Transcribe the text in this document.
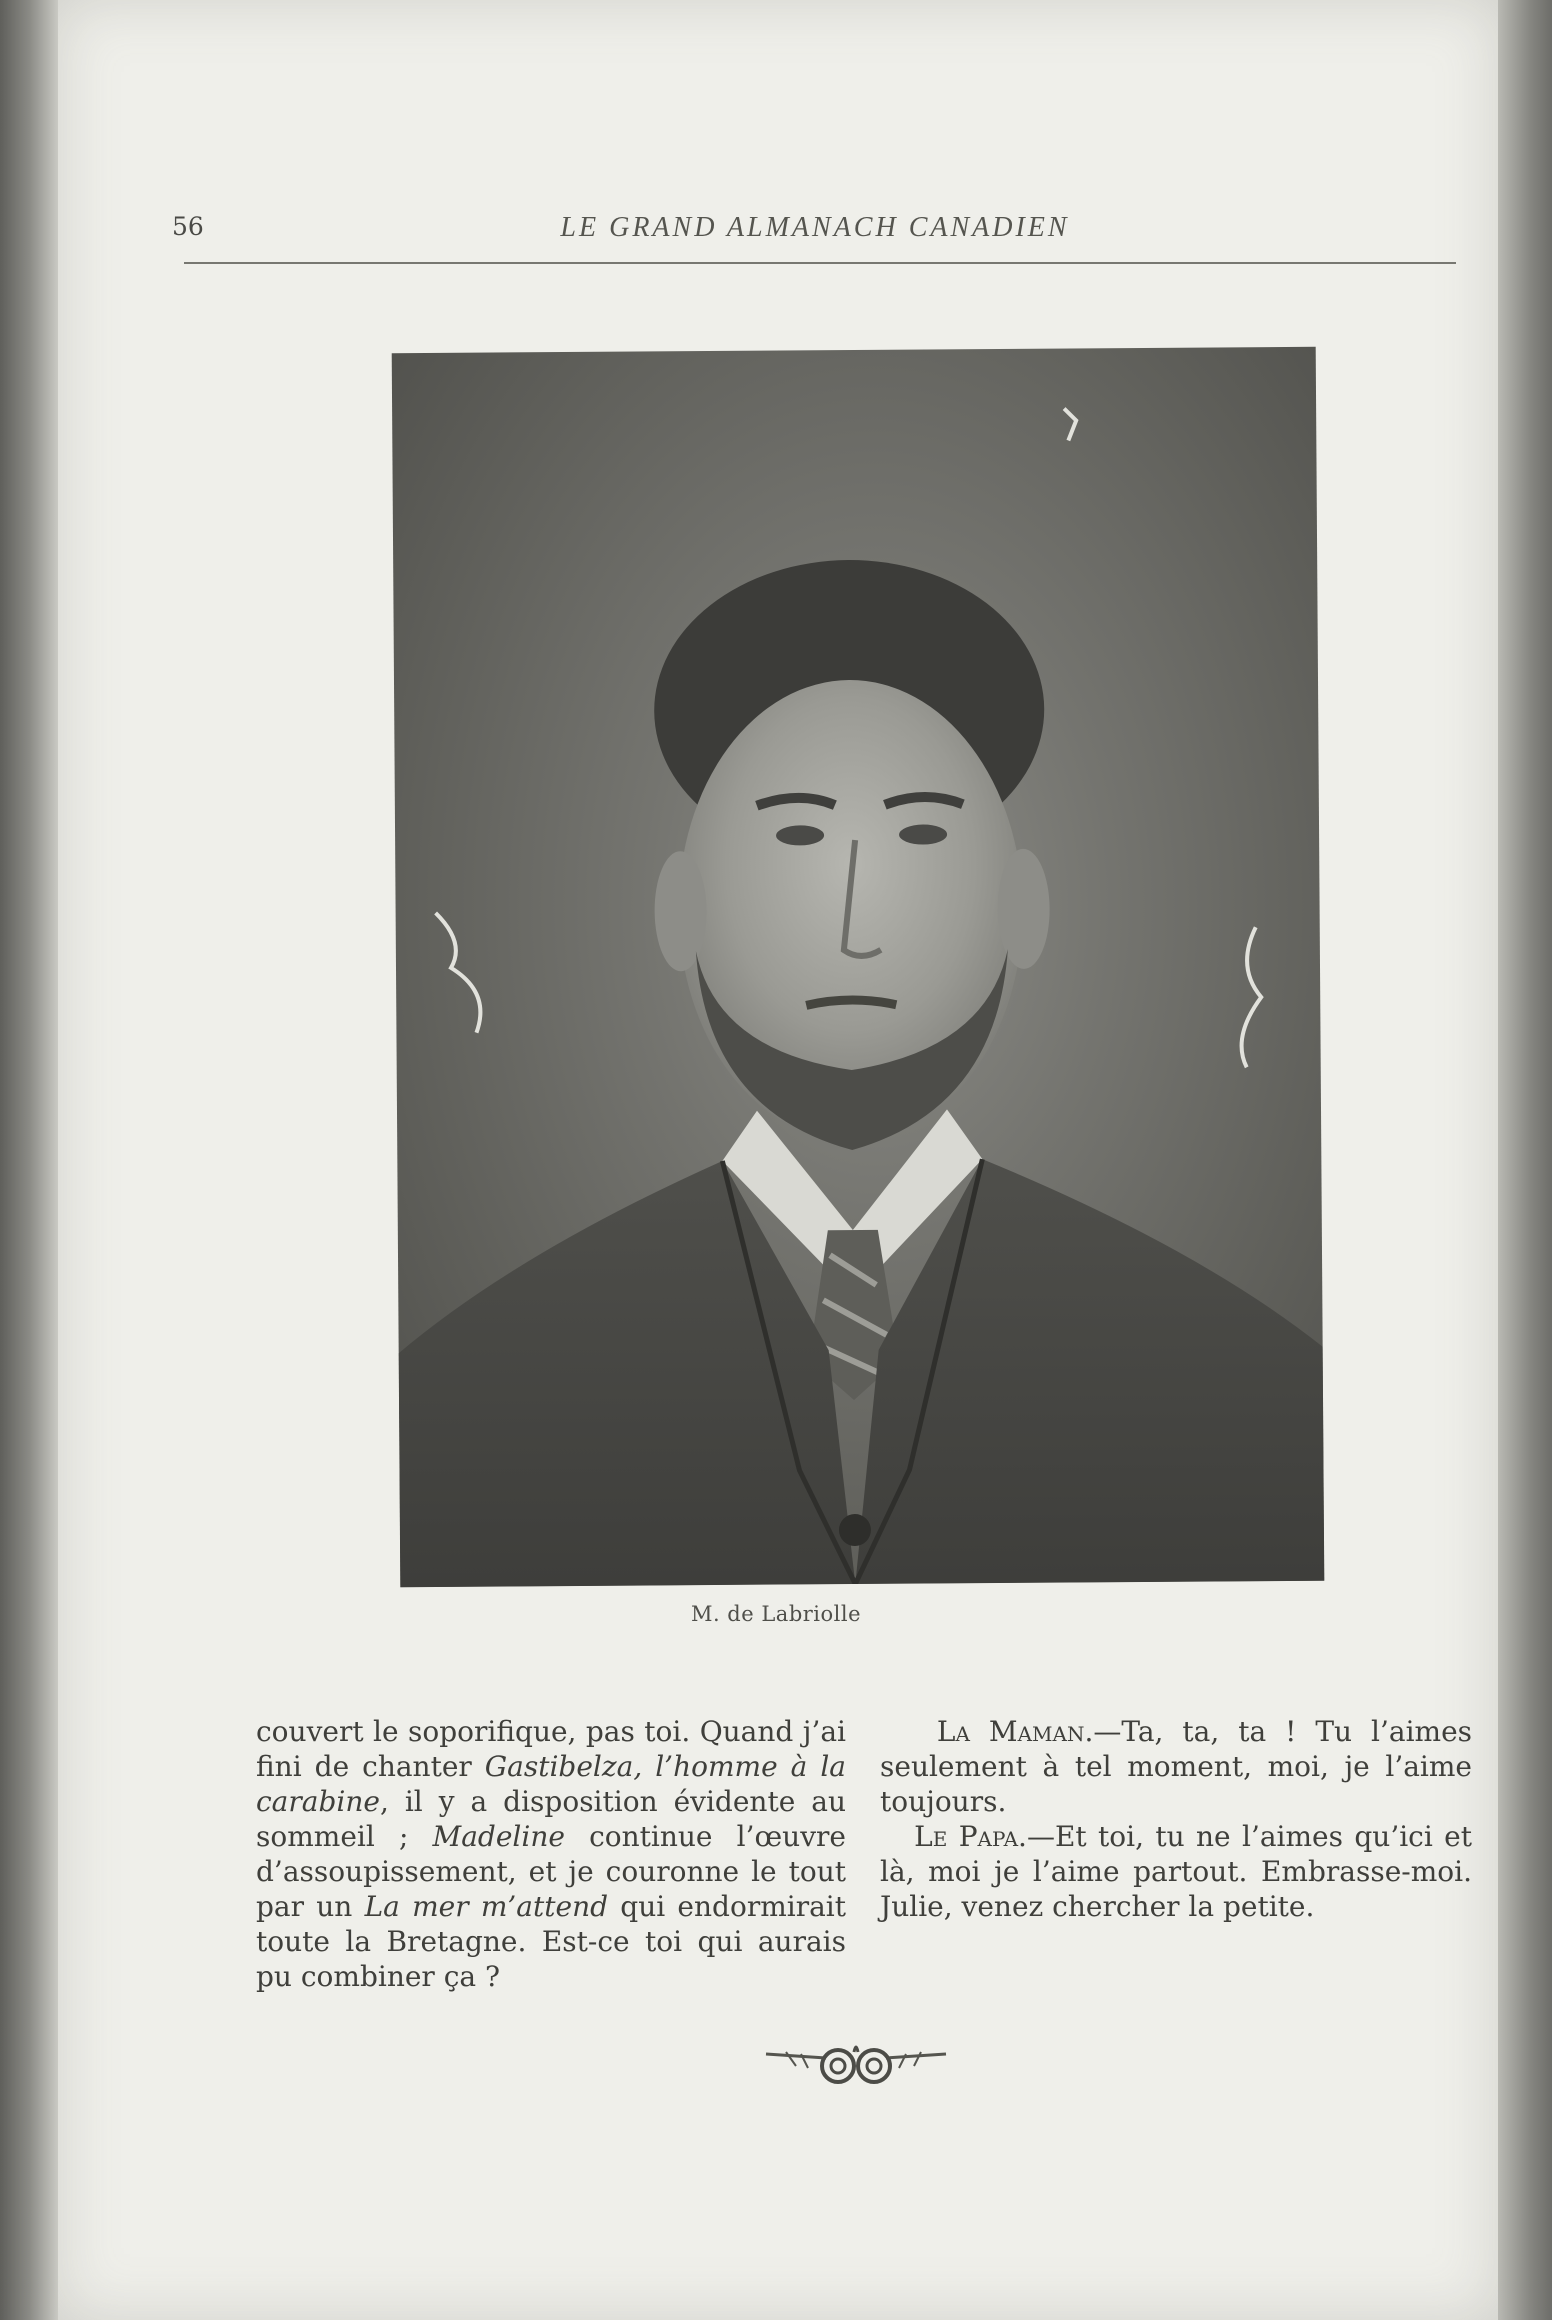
56	LE GRAND ALMANACH CANADIEN
M. de Labriolle

couvert le soporifique, pas toi. Quand j’ai fini de chanter Gastibelza, l’homme à la carabine, il y a disposition évidente au sommeil ; Madeline continue l’œuvre d’assoupissement, et je couronne le tout par un La mer m’attend qui endormirait toute la Bretagne. Est-ce toi qui aurais pu combiner ça ?

La Maman.—Ta, ta, ta ! Tu l’aimes seulement à tel moment, moi, je l’aime toujours.

Le Papa.—Et toi, tu ne l’aimes qu’ici et là, moi je l’aime partout. Embrasse-moi. Julie, venez chercher la petite.
